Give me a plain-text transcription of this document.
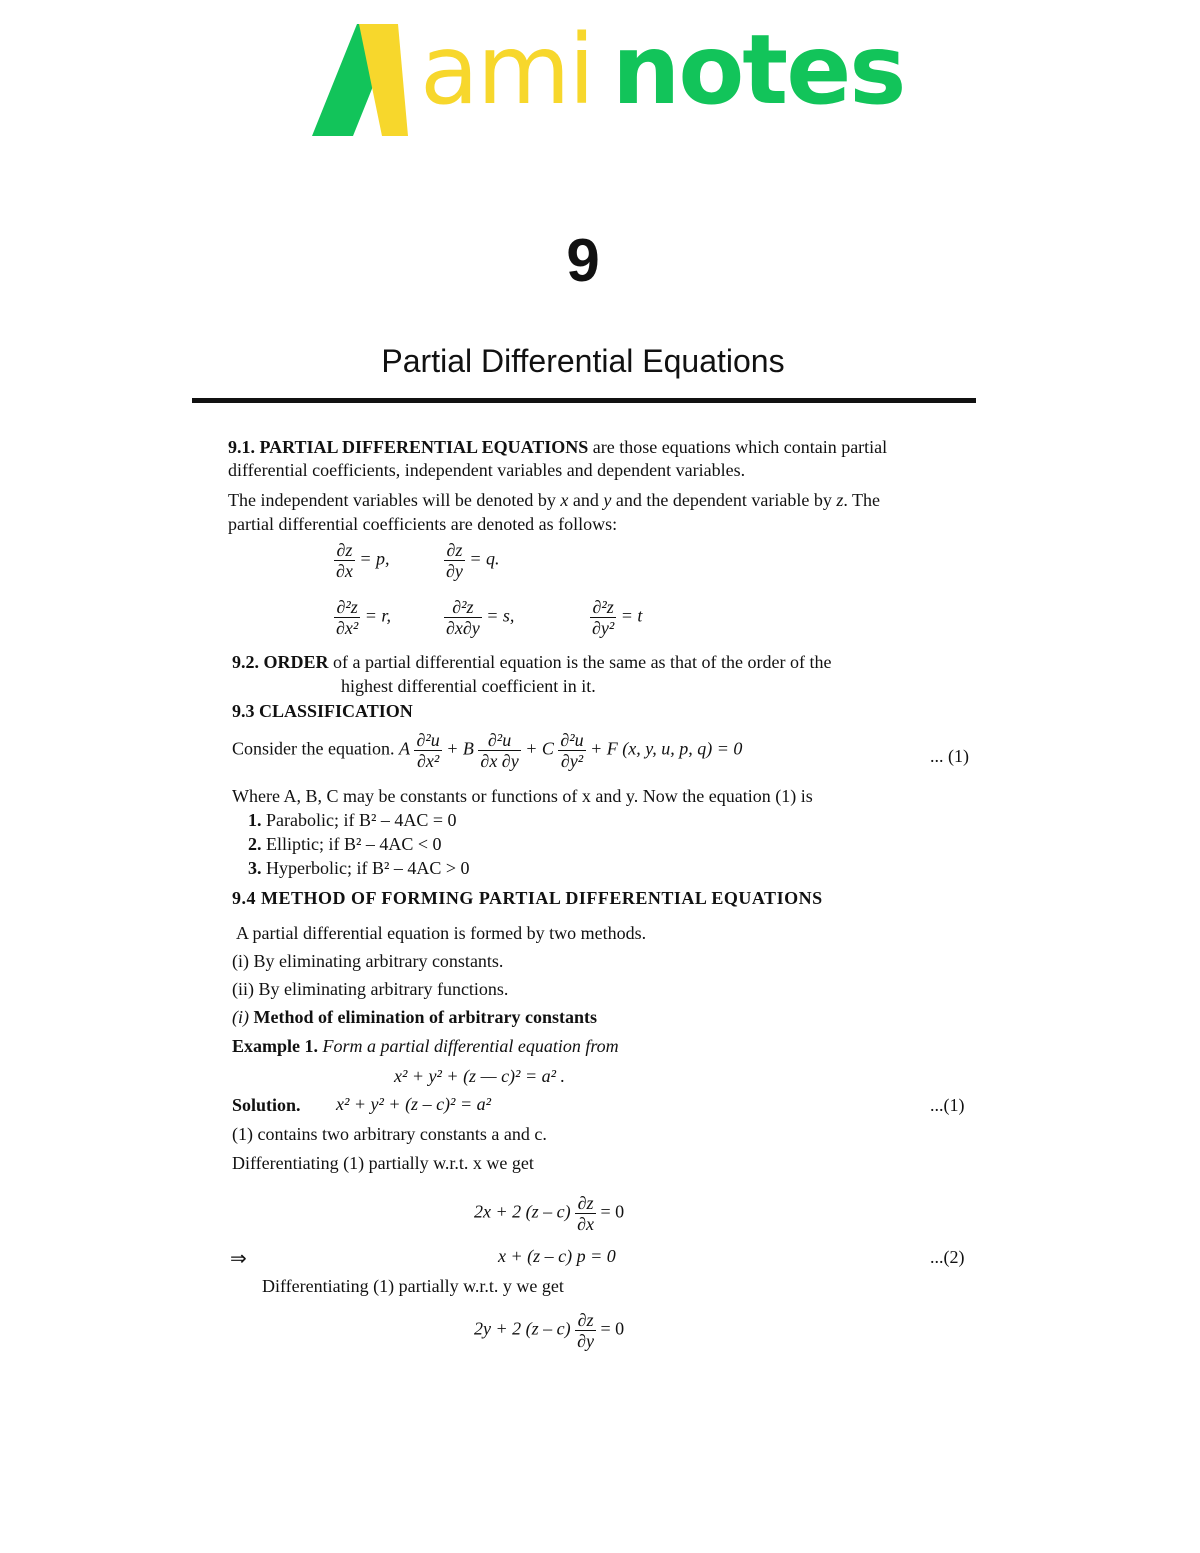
ami notes
9
Partial Differential Equations
9.1. PARTIAL DIFFERENTIAL EQUATIONS are those equations which contain partial
differential coefficients, independent variables and dependent variables.
The independent variables will be denoted by x and y and the dependent variable by z. The
partial differential coefficients are denoted as follows:
$\frac{\partial z}{\partial x} = p$,	$\frac{\partial z}{\partial y} = q$.
$\frac{\text{∂²z}}{\text{∂x²}} = r$,	$\frac{\text{∂²z}}{\partial x\partial y} = s$,	$\frac{\text{∂²z}}{\text{∂y²}} = t$
9.2. ORDER of a partial differential equation is the same as that of the order of the
highest differential coefficient in it.
9.3 CLASSIFICATION
Consider the equation. A $\frac{\text{∂²u}}{\text{∂x²}} + B \frac{\text{∂²u}}{\partial x \partial y} + C \frac{\text{∂²u}}{\text{∂y²}} + F$ (x, y, u, p, q) = 0	... (1)
Where A, B, C may be constants or functions of x and y. Now the equation (1) is
1. Parabolic; if B² – 4AC = 0
2. Elliptic; if B² – 4AC < 0
3. Hyperbolic; if B² – 4AC > 0
9.4 METHOD OF FORMING PARTIAL DIFFERENTIAL EQUATIONS
A partial differential equation is formed by two methods.
(i) By eliminating arbitrary constants.
(ii) By eliminating arbitrary functions.
(i) Method of elimination of arbitrary constants
Example 1. Form a partial differential equation from
x² + y² + (z — c)² = a² .
Solution. x² + y² + (z – c)² = a²	...(1)
(1) contains two arbitrary constants a and c.
Differentiating (1) partially w.r.t. x we get
2x + 2 $(z - c) \frac{\partial z}{\partial x} = 0$
⇒	x + (z – c) p = 0	...(2)
Differentiating (1) partially w.r.t. y we get
2y + 2 $(z - c) \frac{\partial z}{\partial y} = 0$
